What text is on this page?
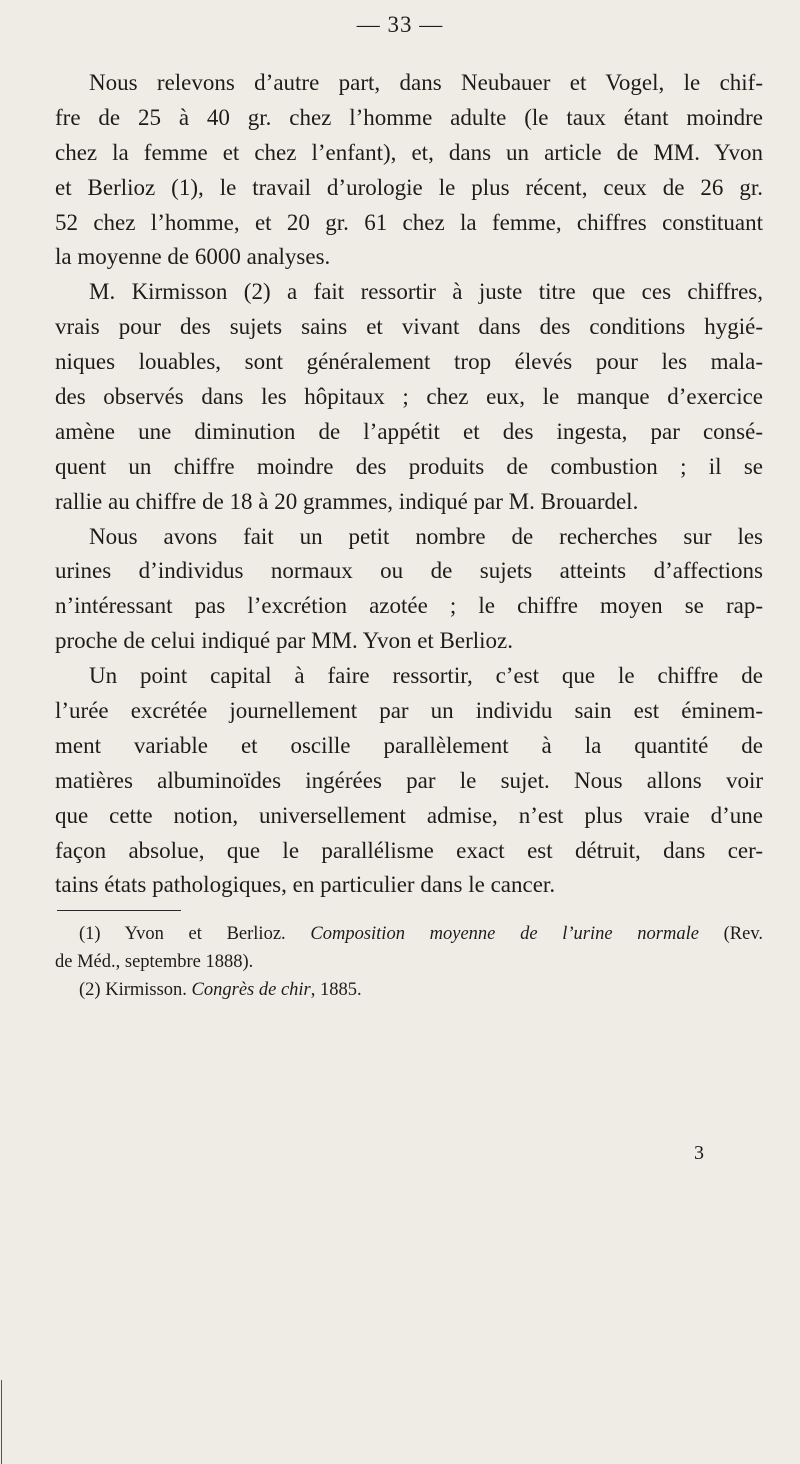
— 33 —
Nous relevons d’autre part, dans Neubauer et Vogel, le chif-
fre de 25 à 40 gr. chez l’homme adulte (le taux étant moindre
chez la femme et chez l’enfant), et, dans un article de MM. Yvon
et Berlioz (1), le travail d’urologie le plus récent, ceux de 26 gr.
52 chez l’homme, et 20 gr. 61 chez la femme, chiffres constituant
la moyenne de 6000 analyses.
M. Kirmisson (2) a fait ressortir à juste titre que ces chiffres,
vrais pour des sujets sains et vivant dans des conditions hygié-
niques louables, sont généralement trop élevés pour les mala-
des observés dans les hôpitaux ; chez eux, le manque d’exercice
amène une diminution de l’appétit et des ingesta, par consé-
quent un chiffre moindre des produits de combustion ; il se
rallie au chiffre de 18 à 20 grammes, indiqué par M. Brouardel.
Nous avons fait un petit nombre de recherches sur les
urines d’individus normaux ou de sujets atteints d’affections
n’intéressant pas l’excrétion azotée ; le chiffre moyen se rap-
proche de celui indiqué par MM. Yvon et Berlioz.
Un point capital à faire ressortir, c’est que le chiffre de
l’urée excrétée journellement par un individu sain est éminem-
ment variable et oscille parallèlement à la quantité de
matières albuminoïdes ingérées par le sujet. Nous allons voir
que cette notion, universellement admise, n’est plus vraie d’une
façon absolue, que le parallélisme exact est détruit, dans cer-
tains états pathologiques, en particulier dans le cancer.
(1) Yvon et Berlioz. Composition moyenne de l’urine normale (Rev.
de Méd., septembre 1888).
(2) Kirmisson. Congrès de chir, 1885.
3
